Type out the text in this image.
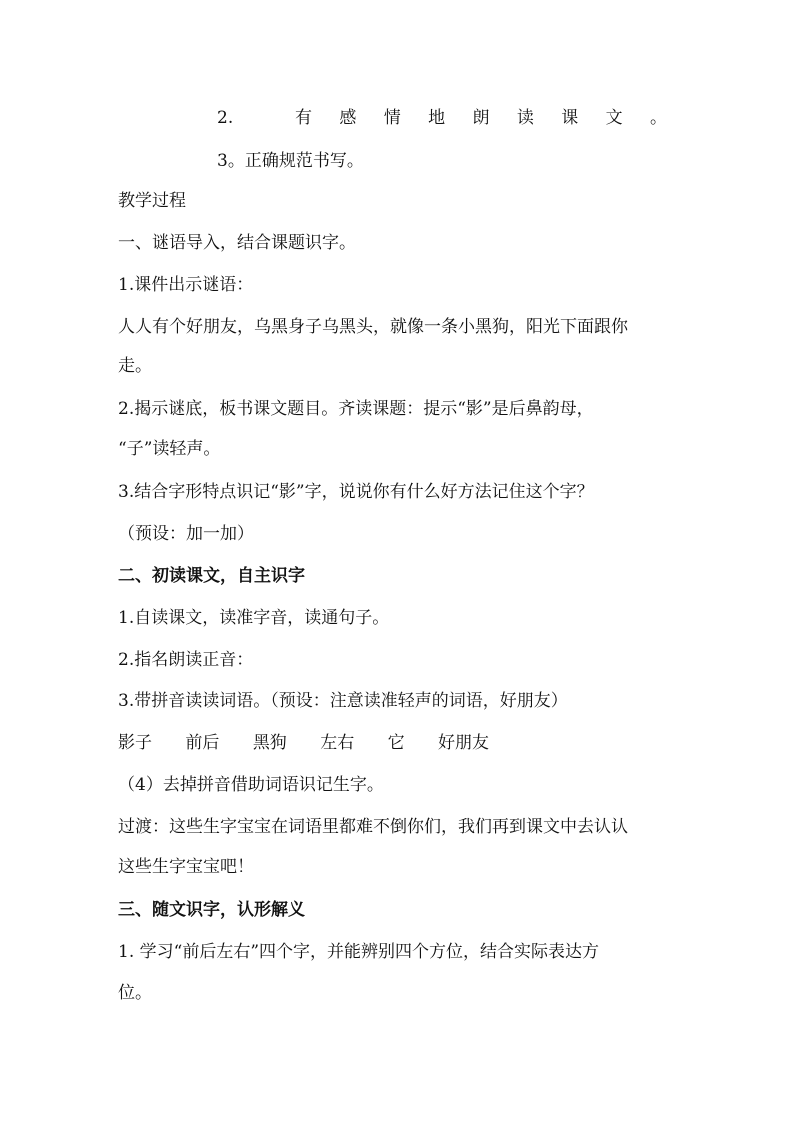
2.	有 感 情 地 朗 读 课 文 。
3。正确规范书写。
教学过程
一、谜语导入，结合课题识字。
1.课件出示谜语：
人人有个好朋友，乌黑身子乌黑头，就像一条小黑狗，阳光下面跟你
走。
2.揭示谜底，板书课文题目。齐读课题：提示“影”是后鼻韵母，
“子”读轻声。
3.结合字形特点识记“影”字，说说你有什么好方法记住这个字？
（预设：加一加）
二、初读课文，自主识字
1.自读课文，读准字音，读通句子。
2.指名朗读正音：
3.带拼音读读词语。（预设：注意读准轻声的词语，好朋友）
影子 前后 黑狗 左右 它 好朋友
（4）去掉拼音借助词语识记生字。
过渡：这些生字宝宝在词语里都难不倒你们，我们再到课文中去认认
这些生字宝宝吧！
三、随文识字，认形解义
1. 学习“前后左右”四个字，并能辨别四个方位，结合实际表达方
位。
